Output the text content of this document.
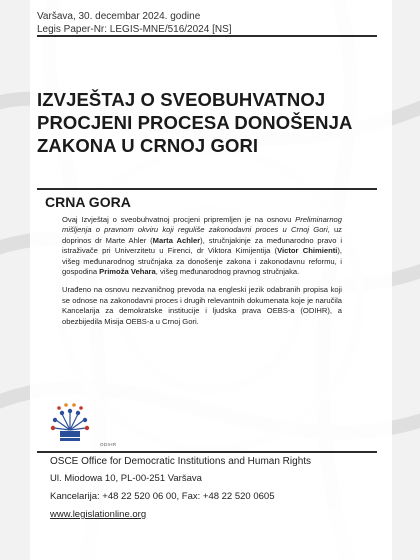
Varšava, 30. decembar 2024. godine
Legis Paper-Nr: LEGIS-MNE/516/2024 [NS]
IZVJEŠTAJ O SVEOBUHVATNOJ
PROCJENI PROCESA DONOŠENJA
ZAKONA U CRNOJ GORI
CRNA GORA

Ovaj Izvještaj o sveobuhvatnoj procjeni pripremljen je na osnovu Preliminarnog mišljenja o pravnom okviru koji reguliše zakonodavni proces u Crnoj Gori, uz doprinos dr Marte Ahler (Marta Achler), stručnjakinje za međunarodno pravo i istraživače pri Univerzitetu u Firenci, dr Viktora Kimijentija (Victor Chimienti), višeg međunarodnog stručnjaka za donošenje zakona i zakonodavnu reformu, i gospodina Primoža Vehara, višeg međunarodnog pravnog stručnjaka.

Urađeno na osnovu nezvaničnog prevoda na engleski jezik odabranih propisa koji se odnose na zakonodavni proces i drugih relevantnih dokumenata koje je naručila Kancelarija za demokratske institucije i ljudska prava OEBS-a (ODIHR), a obezbijedila Misija OEBS-a u Crnoj Gori.

ODIHR
OSCE Office for Democratic Institutions and Human Rights
Ul. Miodowa 10, PL-00-251 Varšava
Kancelarija: +48 22 520 06 00, Fax: +48 22 520 0605
www.legislationline.org
